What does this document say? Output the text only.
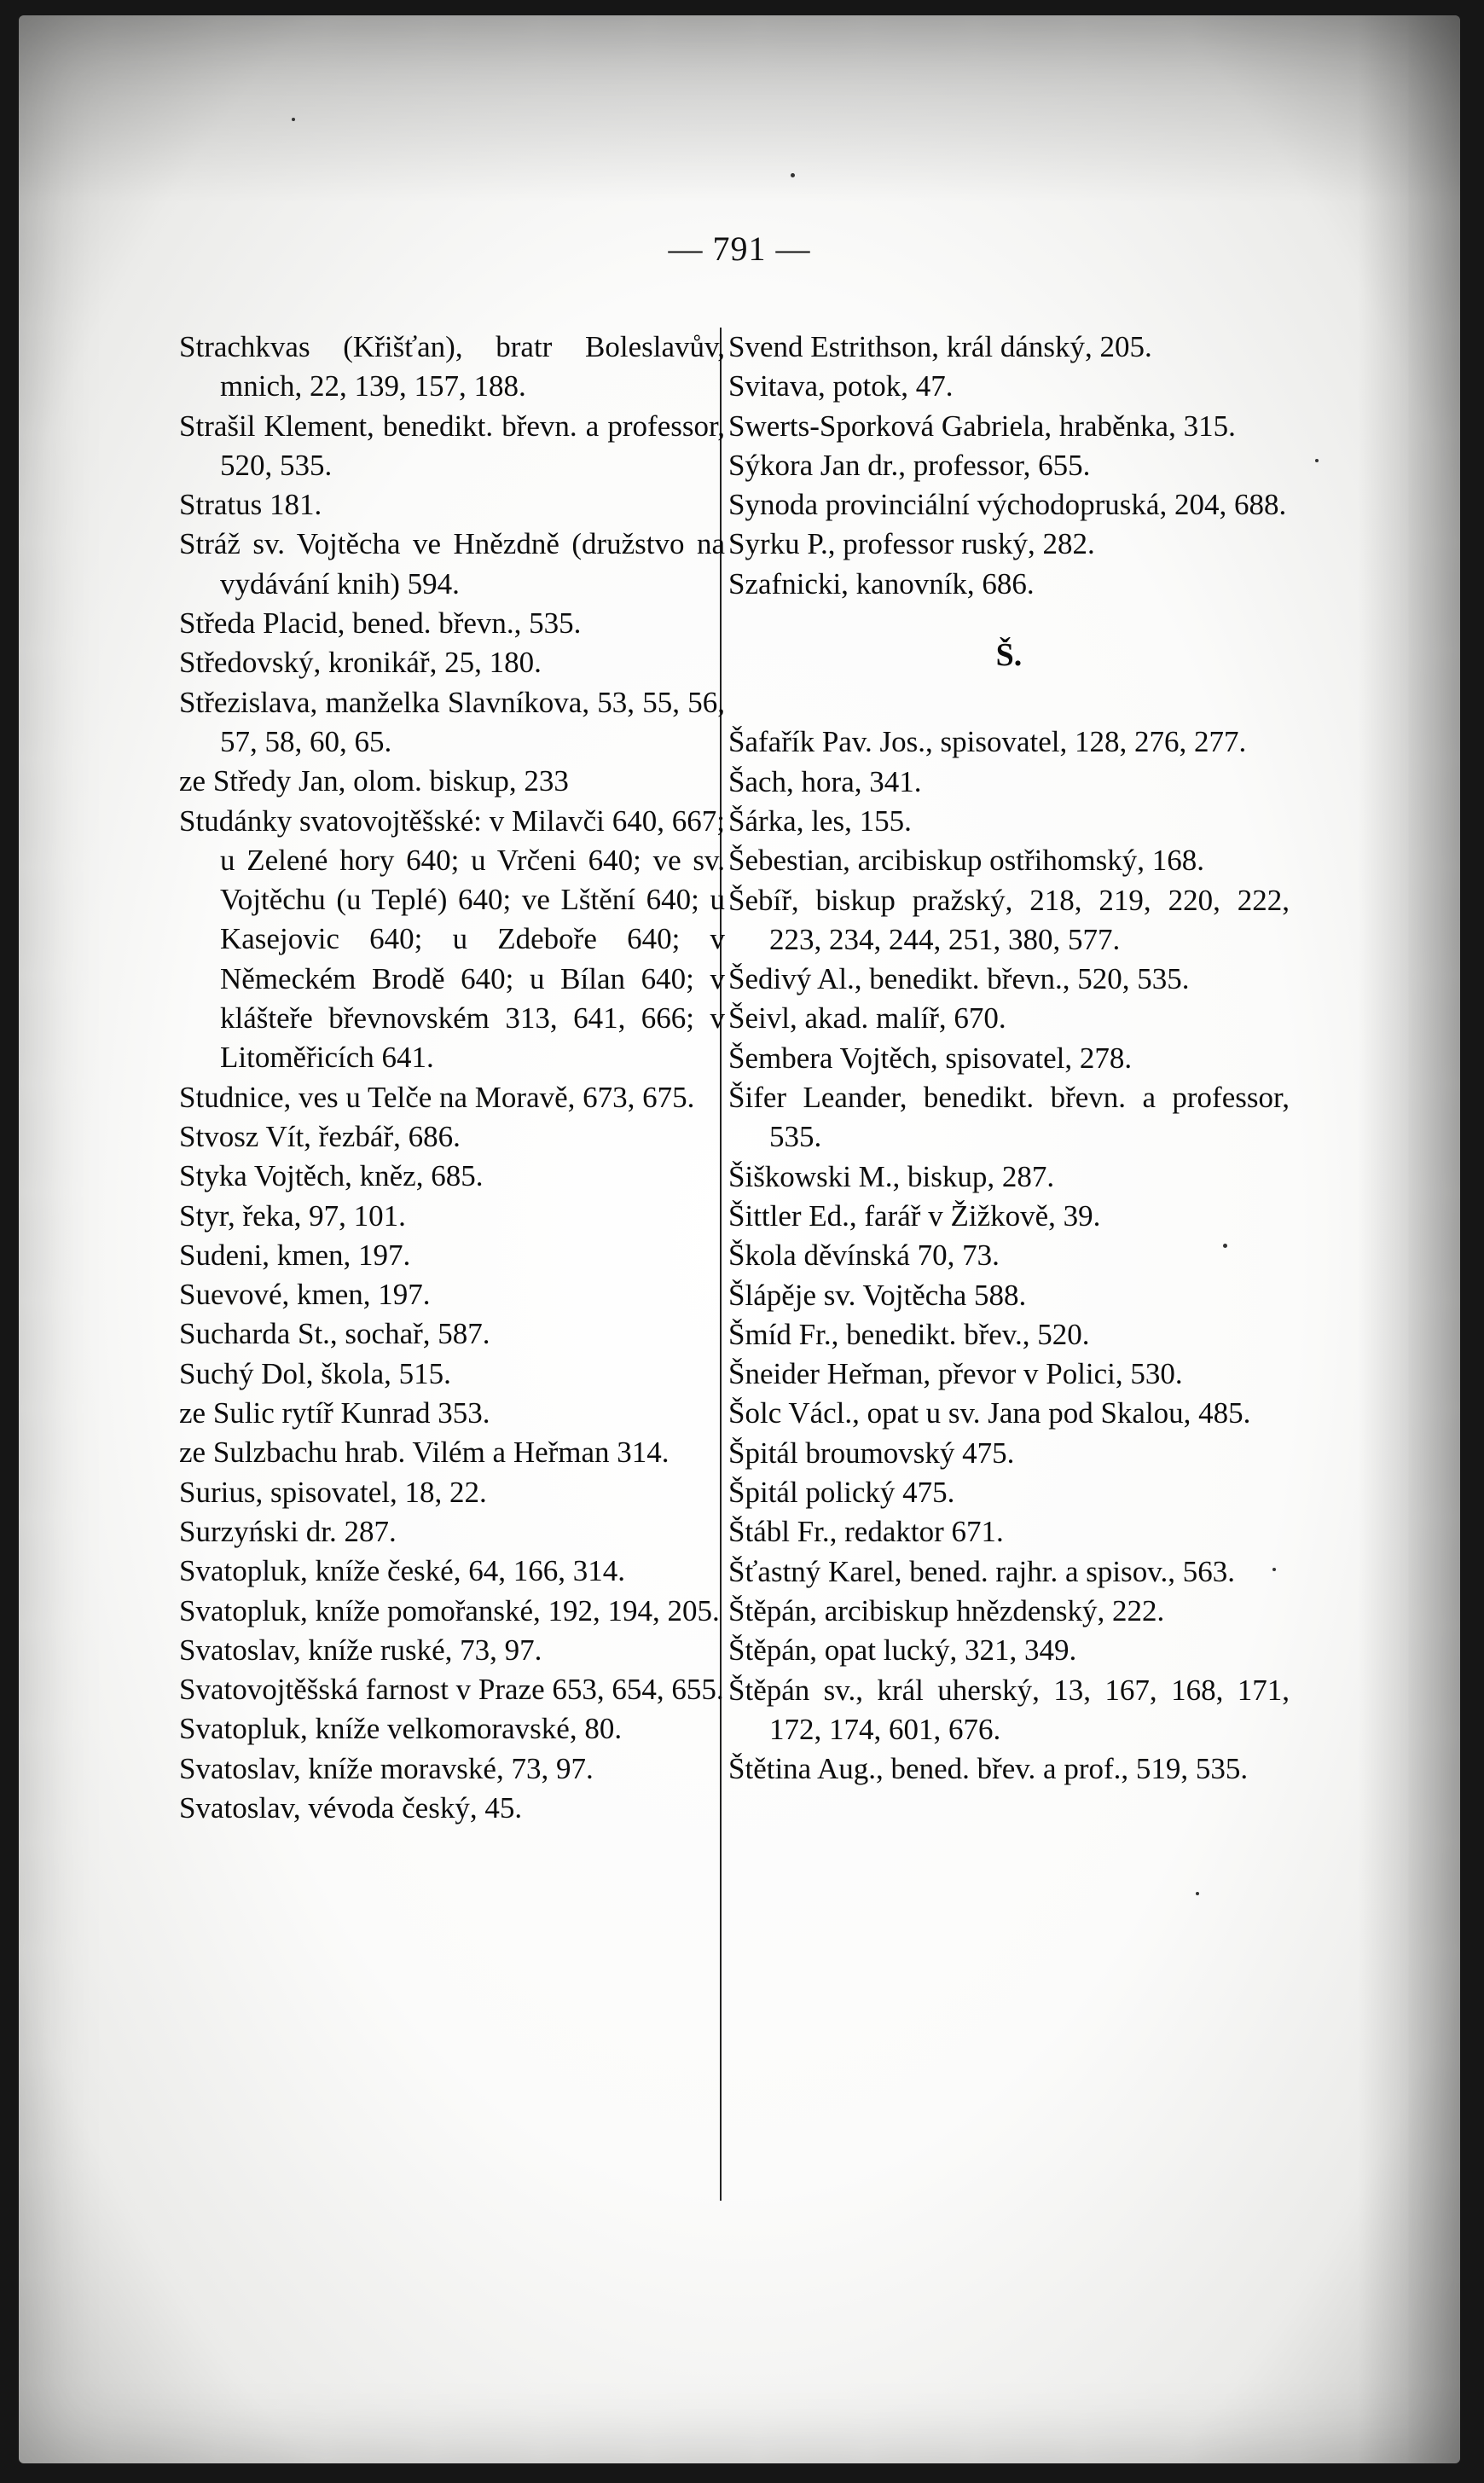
— 791 —
Strachkvas (Křišťan), bratr Boleslavův, mnich, 22, 139, 157, 188.
Strašil Klement, benedikt. břevn. a professor, 520, 535.
Stratus 181.
Stráž sv. Vojtěcha ve Hnězdně (družstvo na vydávání knih) 594.
Středa Placid, bened. břevn., 535.
Středovský, kronikář, 25, 180.
Střezislava, manželka Slavníkova, 53, 55, 56, 57, 58, 60, 65.
ze Středy Jan, olom. biskup, 233
Studánky svatovojtěšské: v Milavči 640, 667; u Zelené hory 640; u Vrčeni 640; ve sv. Vojtěchu (u Teplé) 640; ve Lštění 640; u Kasejovic 640; u Zdeboře 640; v Německém Brodě 640; u Bílan 640; v klášteře břevnovském 313, 641, 666; v Litoměřicích 641.
Studnice, ves u Telče na Moravě, 673, 675.
Stvosz Vít, řezbář, 686.
Styka Vojtěch, kněz, 685.
Styr, řeka, 97, 101.
Sudeni, kmen, 197.
Suevové, kmen, 197.
Sucharda St., sochař, 587.
Suchý Dol, škola, 515.
ze Sulic rytíř Kunrad 353.
ze Sulzbachu hrab. Vilém a Heřman 314.
Surius, spisovatel, 18, 22.
Surzyński dr. 287.
Svatopluk, kníže české, 64, 166, 314.
Svatopluk, kníže pomořanské, 192, 194, 205.
Svatoslav, kníže ruské, 73, 97.
Svatovojtěšská farnost v Praze 653, 654, 655.
Svatopluk, kníže velkomoravské, 80.
Svatoslav, kníže moravské, 73, 97.
Svatoslav, vévoda český, 45.
Svend Estrithson, král dánský, 205.
Svitava, potok, 47.
Swerts-Sporková Gabriela, hraběnka, 315.
Sýkora Jan dr., professor, 655.
Synoda provinciální východopruská, 204, 688.
Syrku P., professor ruský, 282.
Szafnicki, kanovník, 686.
Š.
Šafařík Pav. Jos., spisovatel, 128, 276, 277.
Šach, hora, 341.
Šárka, les, 155.
Šebestian, arcibiskup ostřihomský, 168.
Šebíř, biskup pražský, 218, 219, 220, 222, 223, 234, 244, 251, 380, 577.
Šedivý Al., benedikt. břevn., 520, 535.
Šeivl, akad. malíř, 670.
Šembera Vojtěch, spisovatel, 278.
Šifer Leander, benedikt. břevn. a professor, 535.
Šiškowski M., biskup, 287.
Šittler Ed., farář v Žižkově, 39.
Škola děvínská 70, 73.
Šlápěje sv. Vojtěcha 588.
Šmíd Fr., benedikt. břev., 520.
Šneider Heřman, převor v Polici, 530.
Šolc Václ., opat u sv. Jana pod Skalou, 485.
Špitál broumovský 475.
Špitál polický 475.
Štábl Fr., redaktor 671.
Šťastný Karel, bened. rajhr. a spisov., 563.
Štěpán, arcibiskup hnězdenský, 222.
Štěpán, opat lucký, 321, 349.
Štěpán sv., král uherský, 13, 167, 168, 171, 172, 174, 601, 676.
Štětina Aug., bened. břev. a prof., 519, 535.
